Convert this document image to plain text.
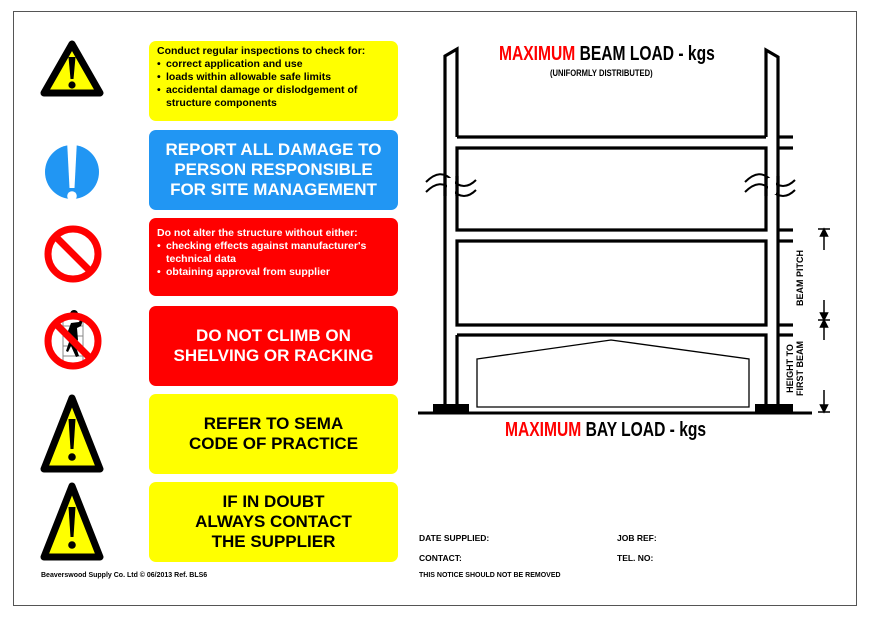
Conduct regular inspections to check for:
• correct application and use
• loads within allowable safe limits
• accidental damage or dislodgement of structure components
REPORT ALL DAMAGE TO
PERSON RESPONSIBLE
FOR SITE MANAGEMENT
Do not alter the structure without either:
• checking effects against manufacturer's technical data
• obtaining approval from supplier
DO NOT CLIMB ON
SHELVING OR RACKING
REFER TO SEMA
CODE OF PRACTICE
IF IN DOUBT
ALWAYS CONTACT
THE SUPPLIER
Beaverswood Supply Co. Ltd © 06/2013 Ref. BLS6
MAXIMUM BEAM LOAD - kgs
(UNIFORMLY DISTRIBUTED)
MAXIMUM BAY LOAD - kgs
BEAM PITCH
HEIGHT TO FIRST BEAM
DATE SUPPLIED:	JOB REF:
CONTACT:	TEL. NO:
THIS NOTICE SHOULD NOT BE REMOVED
